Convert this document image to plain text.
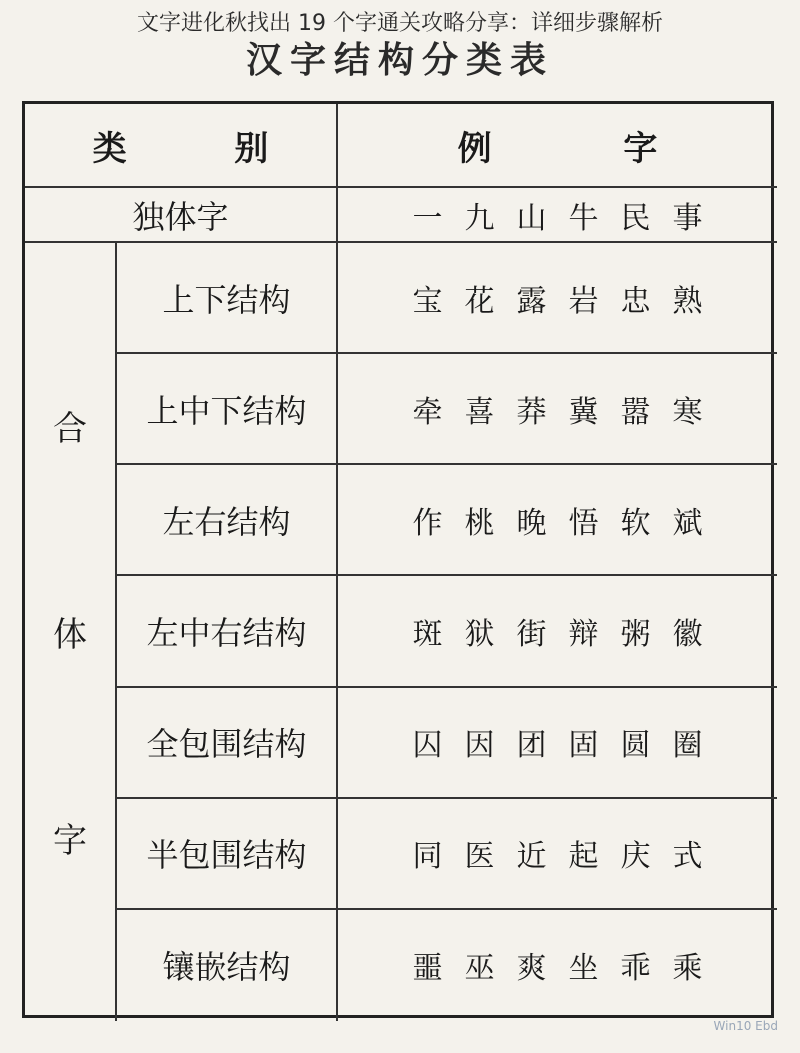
文字进化秋找出 19 个字通关攻略分享：详细步骤解析
汉字结构分类表
类 别	例 字
独体字	一九山牛民事
合
体
字
上下结构	宝花露岩忠熟
上中下结构	牵喜莽冀嚣寒
左右结构	作桃晚悟软斌
左中右结构	斑狱街辩粥徽
全包围结构	囚因团固圆圈
半包围结构	同医近起庆式
镶嵌结构	噩巫爽坐乖乘
Win10 Ebd
